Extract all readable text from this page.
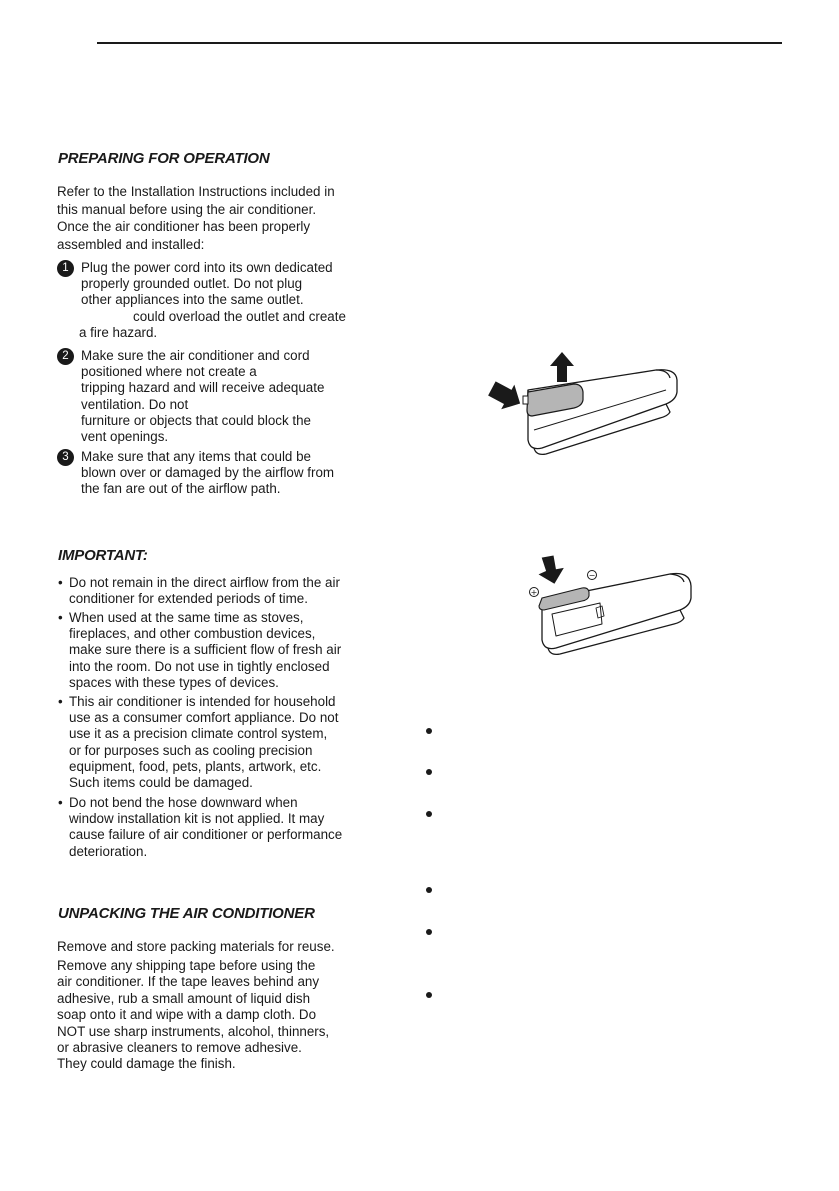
PREPARING FOR OPERATION
Refer to the Installation Instructions included in
this manual before using the air conditioner.
Once the air conditioner has been properly
assembled and installed:
1 Plug the power cord into its own dedicated
properly grounded outlet. Do not plug
other appliances into the same outlet.
could overload the outlet and create
a fire hazard.
2 Make sure the air conditioner and cord
positioned where not create a
tripping hazard and will receive adequate
ventilation. Do not
furniture or objects that could block the
vent openings.
3 Make sure that any items that could be
blown over or damaged by the airflow from
the fan are out of the airflow path.
IMPORTANT:
• Do not remain in the direct airflow from the air
conditioner for extended periods of time.
• When used at the same time as stoves,
fireplaces, and other combustion devices,
make sure there is a sufficient flow of fresh air
into the room. Do not use in tightly enclosed
spaces with these types of devices.
• This air conditioner is intended for household
use as a consumer comfort appliance. Do not
use it as a precision climate control system,
or for purposes such as cooling precision
equipment, food, pets, plants, artwork, etc.
Such items could be damaged.
• Do not bend the hose downward when
window installation kit is not applied. It may
cause failure of air conditioner or performance
deterioration.
UNPACKING THE AIR CONDITIONER

Remove and store packing materials for reuse.

Remove any shipping tape before using the
air conditioner. If the tape leaves behind any
adhesive, rub a small amount of liquid dish
soap onto it and wipe with a damp cloth. Do
NOT use sharp instruments, alcohol, thinners,
or abrasive cleaners to remove adhesive.
They could damage the finish.
+
−
